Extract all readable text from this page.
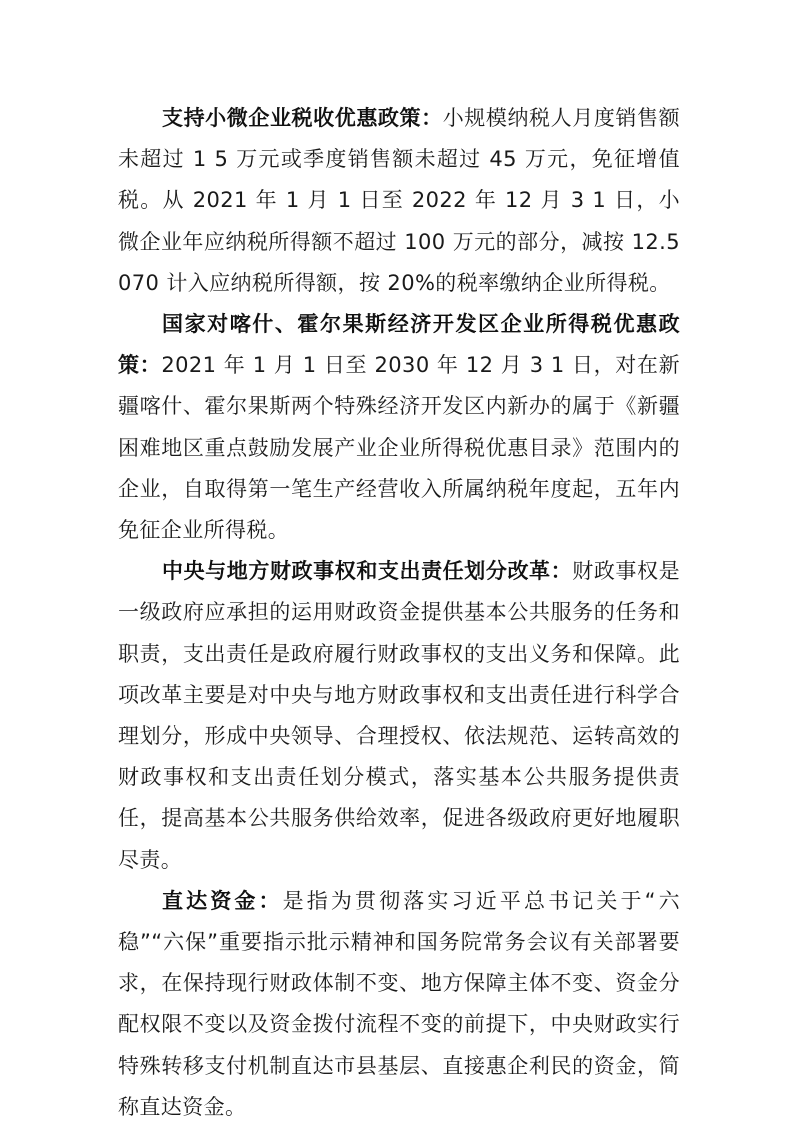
支持小微企业税收优惠政策：小规模纳税人月度销售额未超过 1 5 万元或季度销售额未超过 45 万元，免征增值税。从 2021 年 1 月 1 日至 2022 年 12 月 3 1 日，小微企业年应纳税所得额不超过 100 万元的部分，减按 12.5070 计入应纳税所得额，按 20%的税率缴纳企业所得税。

国家对喀什、霍尔果斯经济开发区企业所得税优惠政策：2021 年 1 月 1 日至 2030 年 12 月 3 1 日，对在新疆喀什、霍尔果斯两个特殊经济开发区内新办的属于《新疆困难地区重点鼓励发展产业企业所得税优惠目录》范围内的企业，自取得第一笔生产经营收入所属纳税年度起，五年内免征企业所得税。

中央与地方财政事权和支出责任划分改革：财政事权是一级政府应承担的运用财政资金提供基本公共服务的任务和职责，支出责任是政府履行财政事权的支出义务和保障。此项改革主要是对中央与地方财政事权和支出责任进行科学合理划分，形成中央领导、合理授权、依法规范、运转高效的财政事权和支出责任划分模式，落实基本公共服务提供责任，提高基本公共服务供给效率，促进各级政府更好地履职尽责。

直达资金：是指为贯彻落实习近平总书记关于“六稳”“六保”重要指示批示精神和国务院常务会议有关部署要求，在保持现行财政体制不变、地方保障主体不变、资金分配权限不变以及资金拨付流程不变的前提下，中央财政实行特殊转移支付机制直达市县基层、直接惠企利民的资金，简称直达资金。
